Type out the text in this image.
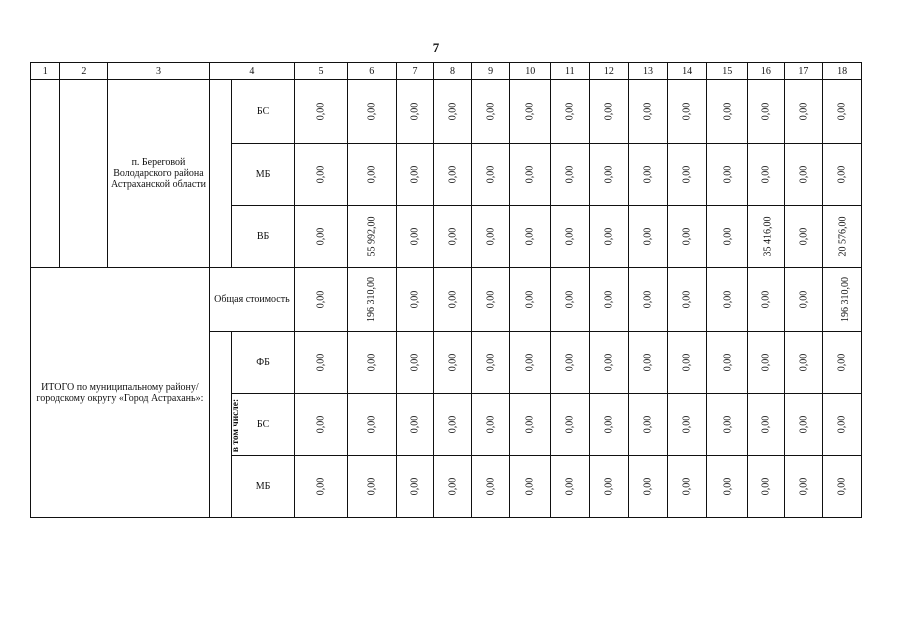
7
1	2	3	4		5	6	7	8	9	10	11	12	13	14	15	16	17	18
		п. Береговой Володарского района Астраханской области		БС	0,00	0,00	0,00	0,00	0,00	0,00	0,00	0,00	0,00	0,00	0,00	0,00	0,00	0,00
				МБ	0,00	0,00	0,00	0,00	0,00	0,00	0,00	0,00	0,00	0,00	0,00	0,00	0,00	0,00
				ВБ	0,00	55 992,00	0,00	0,00	0,00	0,00	0,00	0,00	0,00	0,00	0,00	35 416,00	0,00	20 576,00
ИТОГО по муниципальному району/городскому округу «Город Астрахань»:			Общая стоимость		0,00	196 310,00	0,00	0,00	0,00	0,00	0,00	0,00	0,00	0,00	0,00	0,00	0,00	196 310,00
			в том числе:	ФБ	0,00	0,00	0,00	0,00	0,00	0,00	0,00	0,00	0,00	0,00	0,00	0,00	0,00	0,00
				БС	0,00	0,00	0,00	0,00	0,00	0,00	0,00	0,00	0,00	0,00	0,00	0,00	0,00	0,00
				МБ	0,00	0,00	0,00	0,00	0,00	0,00	0,00	0,00	0,00	0,00	0,00	0,00	0,00	0,00
